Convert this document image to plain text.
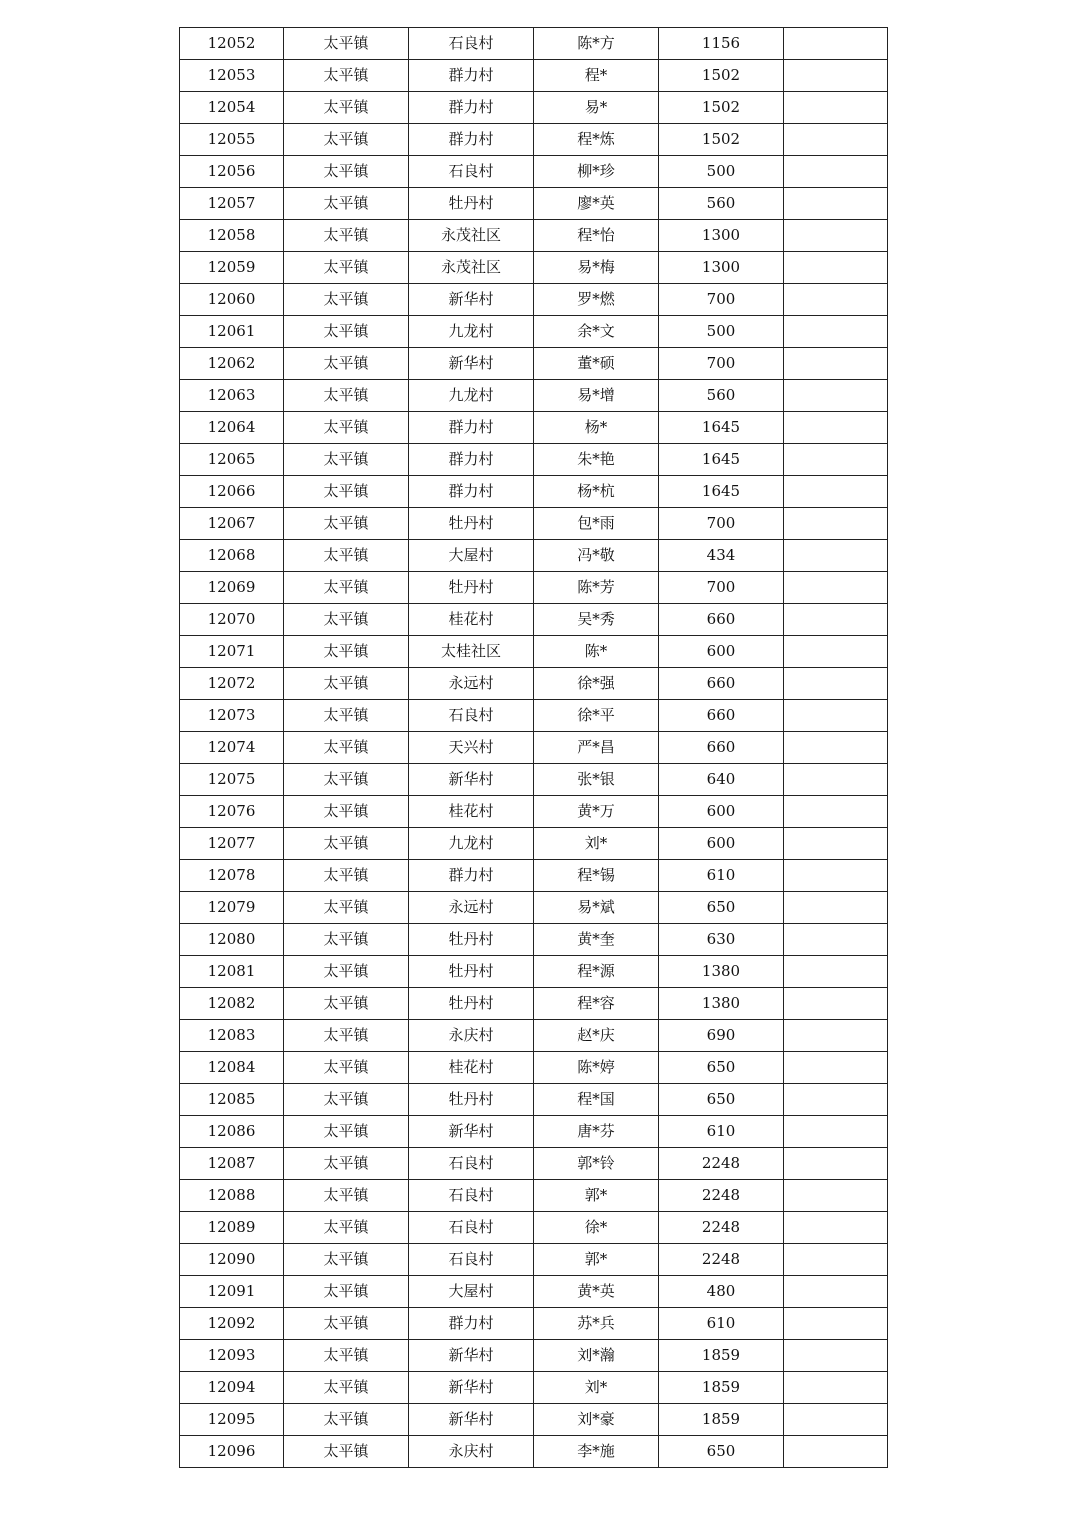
12052	太平镇	石良村	陈*方	1156	
12053	太平镇	群力村	程*	1502	
12054	太平镇	群力村	易*	1502	
12055	太平镇	群力村	程*炼	1502	
12056	太平镇	石良村	柳*珍	500	
12057	太平镇	牡丹村	廖*英	560	
12058	太平镇	永茂社区	程*怡	1300	
12059	太平镇	永茂社区	易*梅	1300	
12060	太平镇	新华村	罗*燃	700	
12061	太平镇	九龙村	余*文	500	
12062	太平镇	新华村	董*硕	700	
12063	太平镇	九龙村	易*增	560	
12064	太平镇	群力村	杨*	1645	
12065	太平镇	群力村	朱*艳	1645	
12066	太平镇	群力村	杨*杭	1645	
12067	太平镇	牡丹村	包*雨	700	
12068	太平镇	大屋村	冯*敬	434	
12069	太平镇	牡丹村	陈*芳	700	
12070	太平镇	桂花村	吴*秀	660	
12071	太平镇	太桂社区	陈*	600	
12072	太平镇	永远村	徐*强	660	
12073	太平镇	石良村	徐*平	660	
12074	太平镇	天兴村	严*昌	660	
12075	太平镇	新华村	张*银	640	
12076	太平镇	桂花村	黄*万	600	
12077	太平镇	九龙村	刘*	600	
12078	太平镇	群力村	程*锡	610	
12079	太平镇	永远村	易*斌	650	
12080	太平镇	牡丹村	黄*奎	630	
12081	太平镇	牡丹村	程*源	1380	
12082	太平镇	牡丹村	程*容	1380	
12083	太平镇	永庆村	赵*庆	690	
12084	太平镇	桂花村	陈*婷	650	
12085	太平镇	牡丹村	程*国	650	
12086	太平镇	新华村	唐*芬	610	
12087	太平镇	石良村	郭*铃	2248	
12088	太平镇	石良村	郭*	2248	
12089	太平镇	石良村	徐*	2248	
12090	太平镇	石良村	郭*	2248	
12091	太平镇	大屋村	黄*英	480	
12092	太平镇	群力村	苏*兵	610	
12093	太平镇	新华村	刘*瀚	1859	
12094	太平镇	新华村	刘*	1859	
12095	太平镇	新华村	刘*豪	1859	
12096	太平镇	永庆村	李*施	650	
